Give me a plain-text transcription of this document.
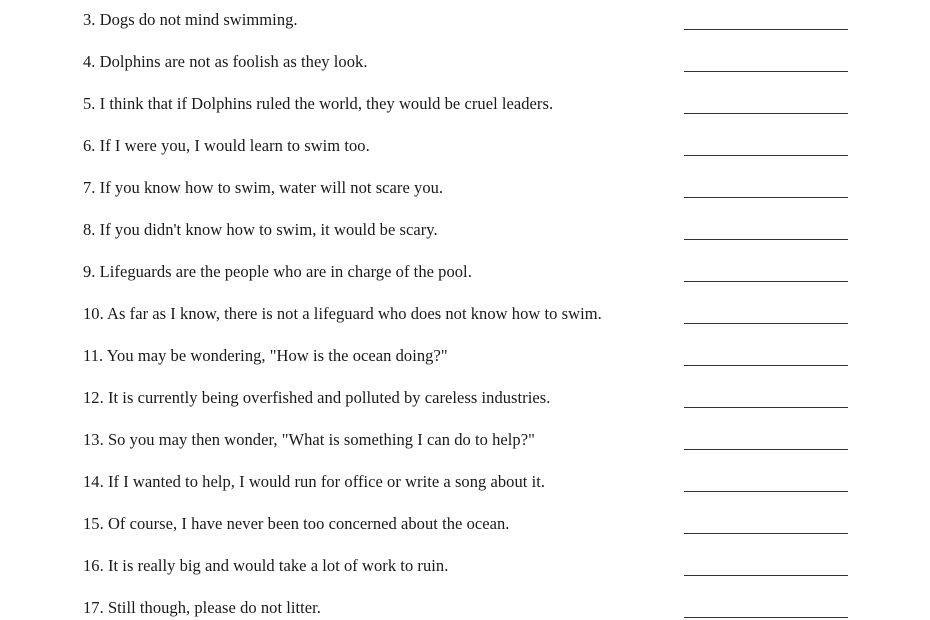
3. Dogs do not mind swimming.
4. Dolphins are not as foolish as they look.
5. I think that if Dolphins ruled the world, they would be cruel leaders.
6. If I were you, I would learn to swim too.
7. If you know how to swim, water will not scare you.
8. If you didn't know how to swim, it would be scary.
9. Lifeguards are the people who are in charge of the pool.
10. As far as I know, there is not a lifeguard who does not know how to swim.
11. You may be wondering, "How is the ocean doing?"
12. It is currently being overfished and polluted by careless industries.
13. So you may then wonder, "What is something I can do to help?"
14. If I wanted to help, I would run for office or write a song about it.
15. Of course, I have never been too concerned about the ocean.
16. It is really big and would take a lot of work to ruin.
17. Still though, please do not litter.
